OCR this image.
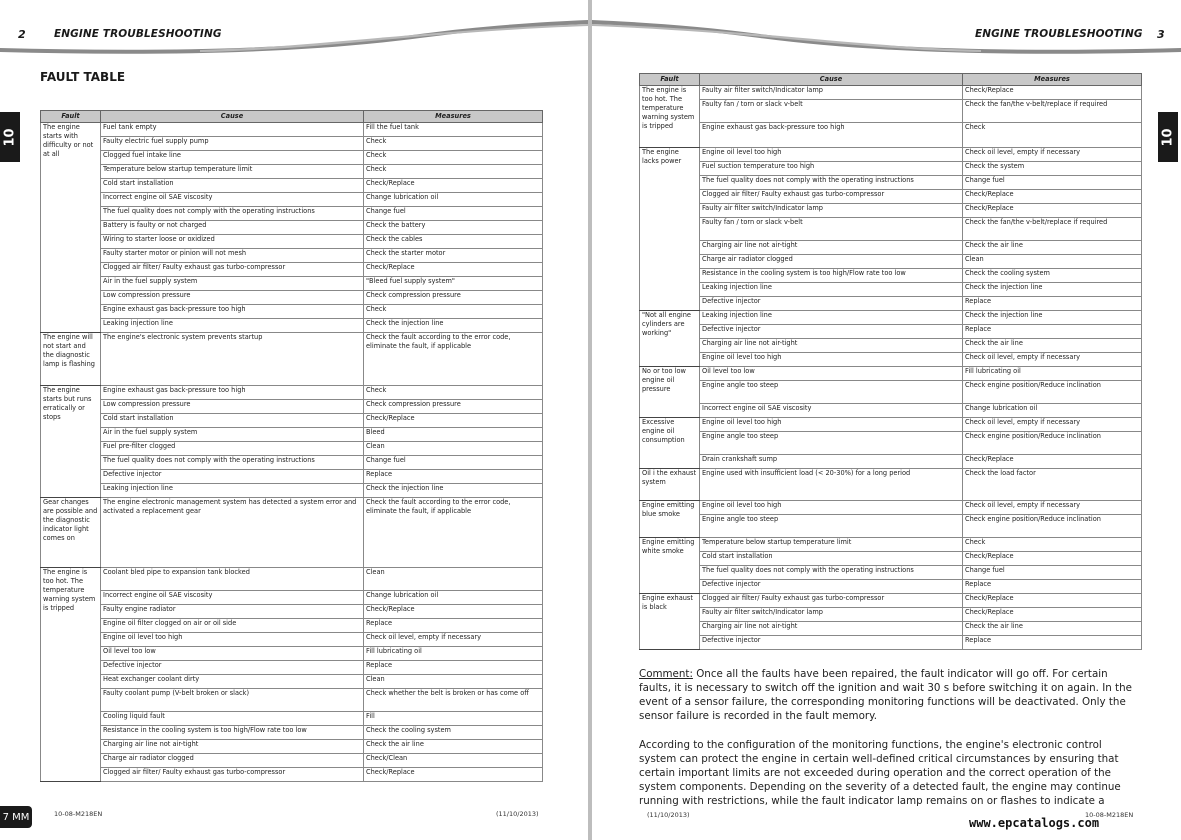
2	ENGINE TROUBLESHOOTING
10
FAULT TABLE
Fault	Cause	Measures
The engine starts with difficulty or not at all	Fuel tank empty	Fill the fuel tank
	Faulty electric fuel supply pump	Check
	Clogged fuel intake line	Check
	Temperature below startup temperature limit	Check
	Cold start installation	Check/Replace
	Incorrect engine oil SAE viscosity	Change lubrication oil
	The fuel quality does not comply with the operating instructions	Change fuel
	Battery is faulty or not charged	Check the battery
	Wiring to starter loose or oxidized	Check the cables
	Faulty starter motor or pinion will not mesh	Check the starter motor
	Clogged air filter/ Faulty exhaust gas turbo-compressor	Check/Replace
	Air in the fuel supply system	"Bleed fuel supply system"
	Low compression pressure	Check compression pressure
	Engine exhaust gas back-pressure too high	Check
	Leaking injection line	Check the injection line
The engine will not start and the diagnostic lamp is flashing	The engine's electronic system prevents startup	Check the fault according to the error code, eliminate the fault, if applicable
The engine starts but runs erratically or stops	Engine exhaust gas back-pressure too high	Check
	Low compression pressure	Check compression pressure
	Cold start installation	Check/Replace
	Air in the fuel supply system	Bleed
	Fuel pre-filter clogged	Clean
	The fuel quality does not comply with the operating instructions	Change fuel
	Defective injector	Replace
	Leaking injection line	Check the injection line
Gear changes are possible and the diagnostic indicator light comes on	The engine electronic management system has detected a system error and activated a replacement gear	Check the fault according to the error code, eliminate the fault, if applicable
The engine is too hot. The temperature warning system is tripped	Coolant bled pipe to expansion tank blocked	Clean
	Incorrect engine oil SAE viscosity	Change lubrication oil
	Faulty engine radiator	Check/Replace
	Engine oil filter clogged on air or oil side	Replace
	Engine oil level too high	Check oil level, empty if necessary
	Oil level too low	Fill lubricating oil
	Defective injector	Replace
	Heat exchanger coolant dirty	Clean
	Faulty coolant pump (V-belt broken or slack)	Check whether the belt is broken or has come off
	Cooling liquid fault	Fill
	Resistance in the cooling system is too high/Flow rate too low	Check the cooling system
	Charging air line not air-tight	Check the air line
	Charge air radiator clogged	Check/Clean
	Clogged air filter/ Faulty exhaust gas turbo-compressor	Check/Replace
10-08-M218EN	(11/10/2013)
7 MM
ENGINE TROUBLESHOOTING 3
10
Fault	Cause	Measures
The engine is too hot. The temperature warning system is tripped	Faulty air filter switch/Indicator lamp	Check/Replace
	Faulty fan / torn or slack v-belt	Check the fan/the v-belt/replace if required
	Engine exhaust gas back-pressure too high	Check
The engine lacks power	Engine oil level too high	Check oil level, empty if necessary
	Fuel suction temperature too high	Check the system
	The fuel quality does not comply with the operating instructions	Change fuel
	Clogged air filter/ Faulty exhaust gas turbo-compressor	Check/Replace
	Faulty air filter switch/Indicator lamp	Check/Replace
	Faulty fan / torn or slack v-belt	Check the fan/the v-belt/replace if required
	Charging air line not air-tight	Check the air line
	Charge air radiator clogged	Clean
	Resistance in the cooling system is too high/Flow rate too low	Check the cooling system
	Leaking injection line	Check the injection line
	Defective injector	Replace
"Not all engine cylinders are working"	Leaking injection line	Check the injection line
	Defective injector	Replace
	Charging air line not air-tight	Check the air line
	Engine oil level too high	Check oil level, empty if necessary
No or too low engine oil pressure	Oil level too low	Fill lubricating oil
	Engine angle too steep	Check engine position/Reduce inclination
	Incorrect engine oil SAE viscosity	Change lubrication oil
Excessive engine oil consumption	Engine oil level too high	Check oil level, empty if necessary
	Engine angle too steep	Check engine position/Reduce inclination
	Drain crankshaft sump	Check/Replace
Oil i the exhaust system	Engine used with insufficient load (< 20-30%) for a long period	Check the load factor
Engine emitting blue smoke	Engine oil level too high	Check oil level, empty if necessary
	Engine angle too steep	Check engine position/Reduce inclination
Engine emitting white smoke	Temperature below startup temperature limit	Check
	Cold start installation	Check/Replace
	The fuel quality does not comply with the operating instructions	Change fuel
	Defective injector	Replace
Engine exhaust is black	Clogged air filter/ Faulty exhaust gas turbo-compressor	Check/Replace
	Faulty air filter switch/Indicator lamp	Check/Replace
	Charging air line not air-tight	Check the air line
	Defective injector	Replace
Comment: Once all the faults have been repaired, the fault indicator will go off. For certain faults, it is necessary to switch off the ignition and wait 30 s before switching it on again. In the event of a sensor failure, the corresponding monitoring functions will be deactivated. Only the sensor failure is recorded in the fault memory.
According to the configuration of the monitoring functions, the engine's electronic control system can protect the engine in certain well-defined critical circumstances by ensuring that certain important limits are not exceeded during operation and the correct operation of the system components. Depending on the severity of a detected fault, the engine may continue running with restrictions, while the fault indicator lamp remains on or flashes to indicate a
(11/10/2013)	10-08-M218EN
www.epcatalogs.com
